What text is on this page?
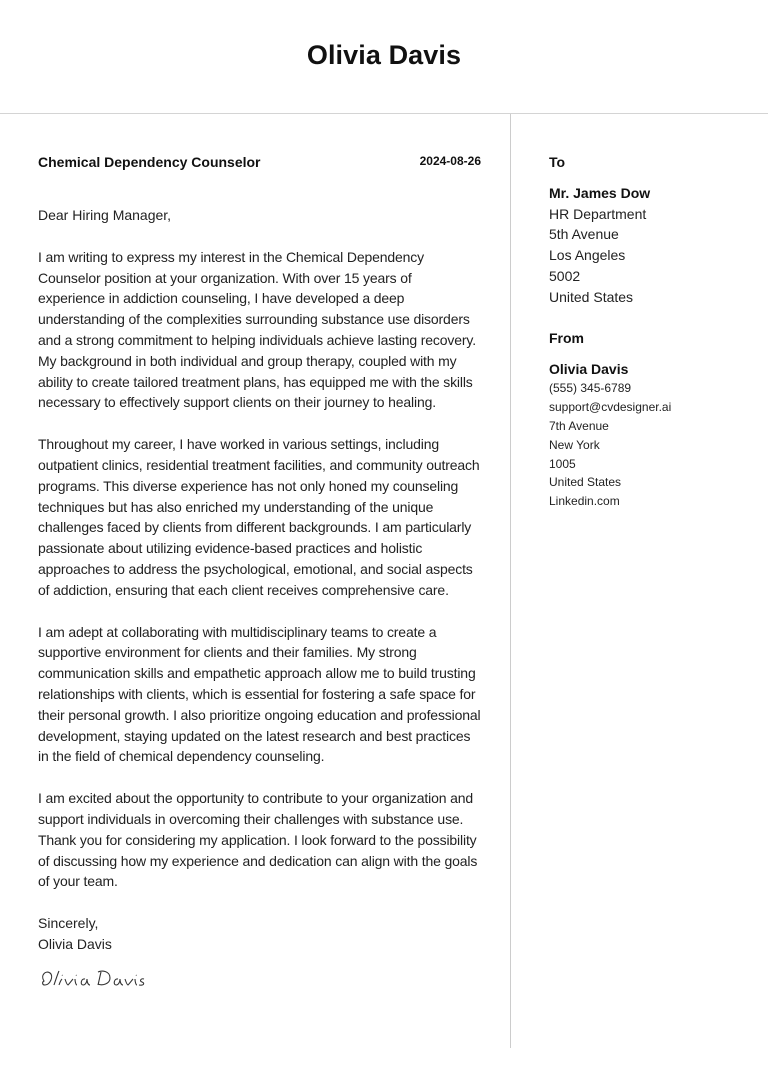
Olivia Davis
Chemical Dependency Counselor	2024-08-26
Dear Hiring Manager,

I am writing to express my interest in the Chemical Dependency Counselor position at your organization. With over 15 years of experience in addiction counseling, I have developed a deep understanding of the complexities surrounding substance use disorders and a strong commitment to helping individuals achieve lasting recovery. My background in both individual and group therapy, coupled with my ability to create tailored treatment plans, has equipped me with the skills necessary to effectively support clients on their journey to healing.

Throughout my career, I have worked in various settings, including outpatient clinics, residential treatment facilities, and community outreach programs. This diverse experience has not only honed my counseling techniques but has also enriched my understanding of the unique challenges faced by clients from different backgrounds. I am particularly passionate about utilizing evidence-based practices and holistic approaches to address the psychological, emotional, and social aspects of addiction, ensuring that each client receives comprehensive care.

I am adept at collaborating with multidisciplinary teams to create a supportive environment for clients and their families. My strong communication skills and empathetic approach allow me to build trusting relationships with clients, which is essential for fostering a safe space for their personal growth. I also prioritize ongoing education and professional development, staying updated on the latest research and best practices in the field of chemical dependency counseling.

I am excited about the opportunity to contribute to your organization and support individuals in overcoming their challenges with substance use. Thank you for considering my application. I look forward to the possibility of discussing how my experience and dedication can align with the goals of your team.

Sincerely,
Olivia Davis
To
Mr. James Dow
HR Department
5th Avenue
Los Angeles
5002
United States
From
Olivia Davis
(555) 345-6789
support@cvdesigner.ai
7th Avenue
New York
1005
United States
Linkedin.com
